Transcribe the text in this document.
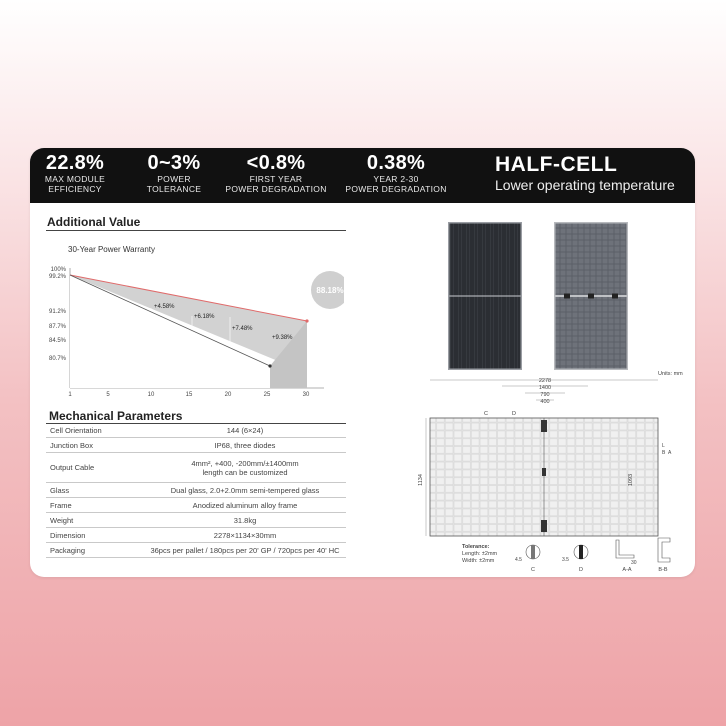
22.8%
MAX MODULE
EFFICIENCY
0~3%
POWER
TOLERANCE
<0.8%
FIRST YEAR
POWER DEGRADATION
0.38%
YEAR 2-30
POWER DEGRADATION
HALF-CELL
Lower operating temperature
Additional Value
30-Year Power Warranty
100%
99.2%
91.2%
87.7%
84.5%
80.7%
1	5	10	15	20	25	30
+4.58%
+6.18%
+7.48%
+9.38%
88.18%
Mechanical Parameters
Cell Orientation	144 (6×24)
Junction Box	IP68, three diodes
Output Cable	4mm², +400, -200mm/±1400mm
length can be customized

Glass	Dual glass, 2.0+2.0mm semi-tempered glass
Frame	Anodized aluminum alloy frame
Weight	31.8kg
Dimension	2278×1134×30mm
Packaging	36pcs per pallet / 180pcs per 20' GP / 720pcs per 40' HC
Units: mm
2278
1400
790
400
C	D
1134	1093
L
B A
Tolerance:
Length: ±2mm
Width: ±2mm	4.5
C
3.5
D
30
A-A	B-B
